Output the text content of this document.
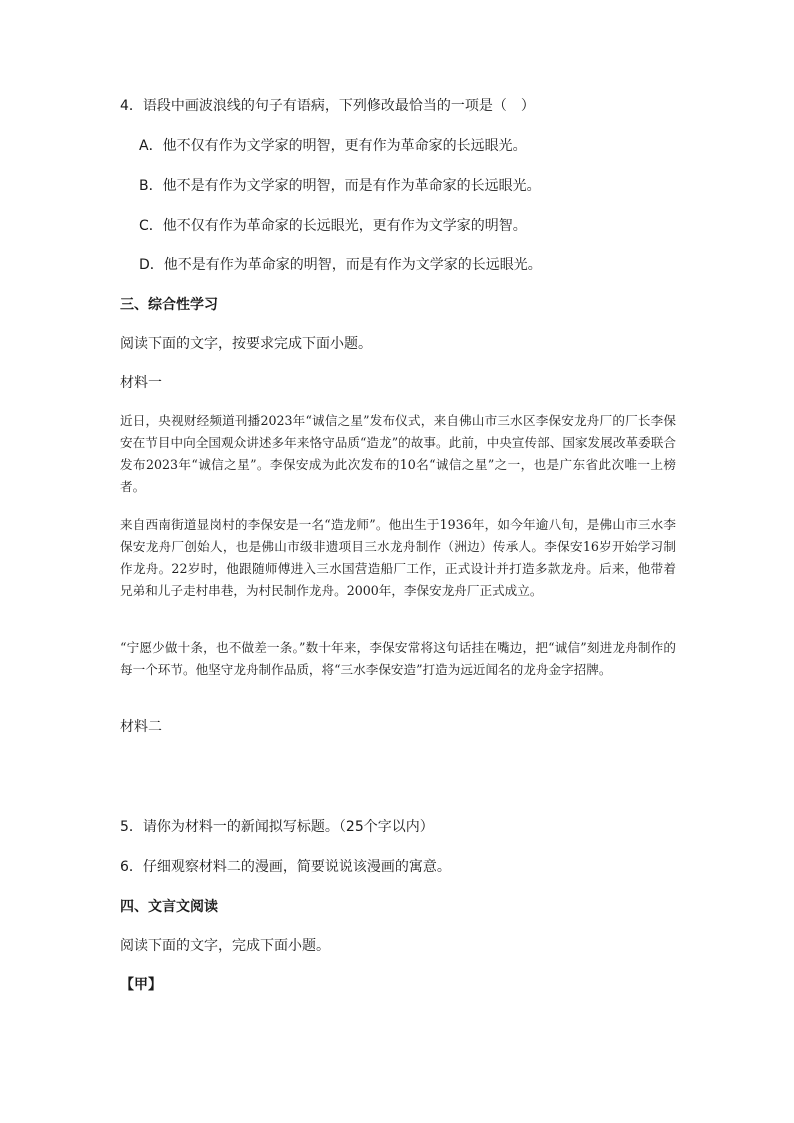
4．语段中画波浪线的句子有语病，下列修改最恰当的一项是（　）
A．他不仅有作为文学家的明智，更有作为革命家的长远眼光。
B．他不是有作为文学家的明智，而是有作为革命家的长远眼光。
C．他不仅有作为革命家的长远眼光，更有作为文学家的明智。
D．他不是有作为革命家的明智，而是有作为文学家的长远眼光。
三、综合性学习
阅读下面的文字，按要求完成下面小题。
材料一

近日，央视财经频道刊播2023年“诚信之星”发布仪式，来自佛山市三水区李保安龙舟厂的厂长李保安在节目中向全国观众讲述多年来恪守品质“造龙”的故事。此前，中央宣传部、国家发展改革委联合发布2023年“诚信之星”。李保安成为此次发布的10名“诚信之星”之一，也是广东省此次唯一上榜者。

来自西南街道显岗村的李保安是一名“造龙师”。他出生于1936年，如今年逾八旬，是佛山市三水李保安龙舟厂创始人，也是佛山市级非遗项目三水龙舟制作（洲边）传承人。李保安16岁开始学习制作龙舟。22岁时，他跟随师傅进入三水国营造船厂工作，正式设计并打造多款龙舟。后来，他带着兄弟和儿子走村串巷，为村民制作龙舟。2000年，李保安龙舟厂正式成立。

“宁愿少做十条，也不做差一条。”数十年来，李保安常将这句话挂在嘴边，把“诚信”刻进龙舟制作的每一个环节。他坚守龙舟制作品质，将“三水李保安造”打造为远近闻名的龙舟金字招牌。

材料二
5．请你为材料一的新闻拟写标题。（25个字以内）
6．仔细观察材料二的漫画，简要说说该漫画的寓意。
四、文言文阅读
阅读下面的文字，完成下面小题。
【甲】
